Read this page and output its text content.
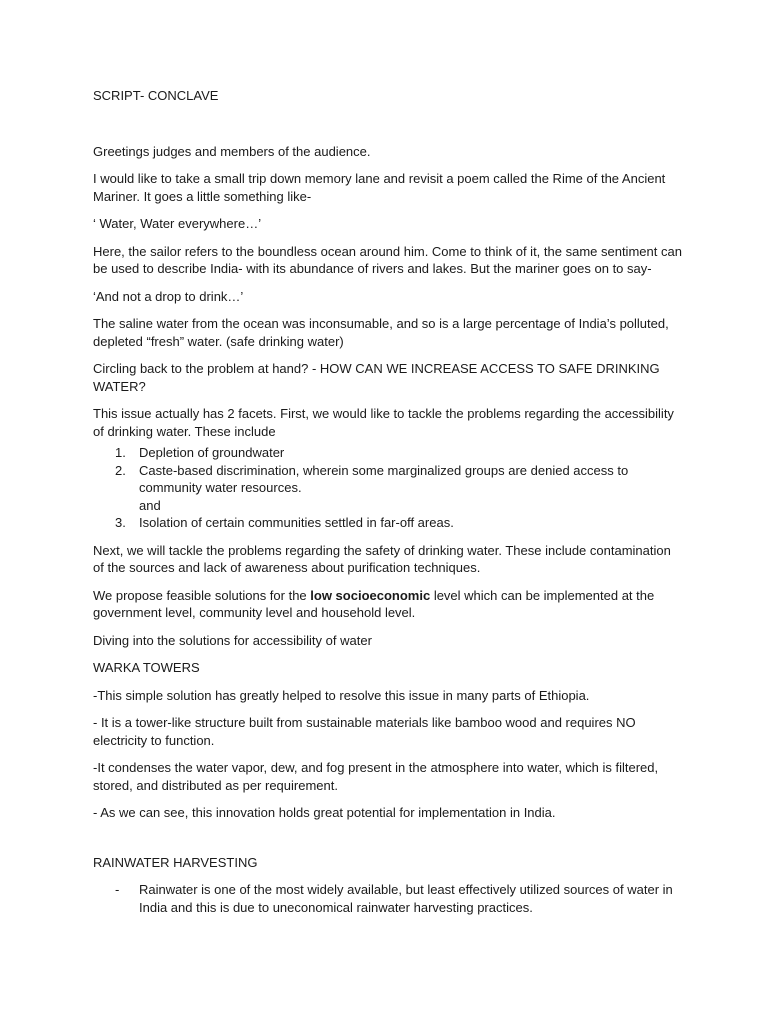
SCRIPT- CONCLAVE

Greetings judges and members of the audience.

I would like to take a small trip down memory lane and revisit a poem called the Rime of the Ancient Mariner. It goes a little something like-

‘ Water, Water everywhere…’

Here, the sailor refers to the boundless ocean around him. Come to think of it, the same sentiment can be used to describe India- with its abundance of rivers and lakes. But the mariner goes on to say-

‘And not a drop to drink…’

The saline water from the ocean was inconsumable, and so is a large percentage of India’s polluted, depleted “fresh” water. (safe drinking water)

Circling back to the problem at hand? - HOW CAN WE INCREASE ACCESS TO SAFE DRINKING WATER?

This issue actually has 2 facets. First, we would like to tackle the problems regarding the accessibility of drinking water. These include

1. Depletion of groundwater
2. Caste-based discrimination, wherein some marginalized groups are denied access to community water resources.
and
3. Isolation of certain communities settled in far-off areas.

Next, we will tackle the problems regarding the safety of drinking water. These include contamination of the sources and lack of awareness about purification techniques.

We propose feasible solutions for the low socioeconomic level which can be implemented at the government level, community level and household level.

Diving into the solutions for accessibility of water

WARKA TOWERS

-This simple solution has greatly helped to resolve this issue in many parts of Ethiopia.

- It is a tower-like structure built from sustainable materials like bamboo wood and requires NO electricity to function.

-It condenses the water vapor, dew, and fog present in the atmosphere into water, which is filtered, stored, and distributed as per requirement.

- As we can see, this innovation holds great potential for implementation in India.

RAINWATER HARVESTING

- Rainwater is one of the most widely available, but least effectively utilized sources of water in India and this is due to uneconomical rainwater harvesting practices.
